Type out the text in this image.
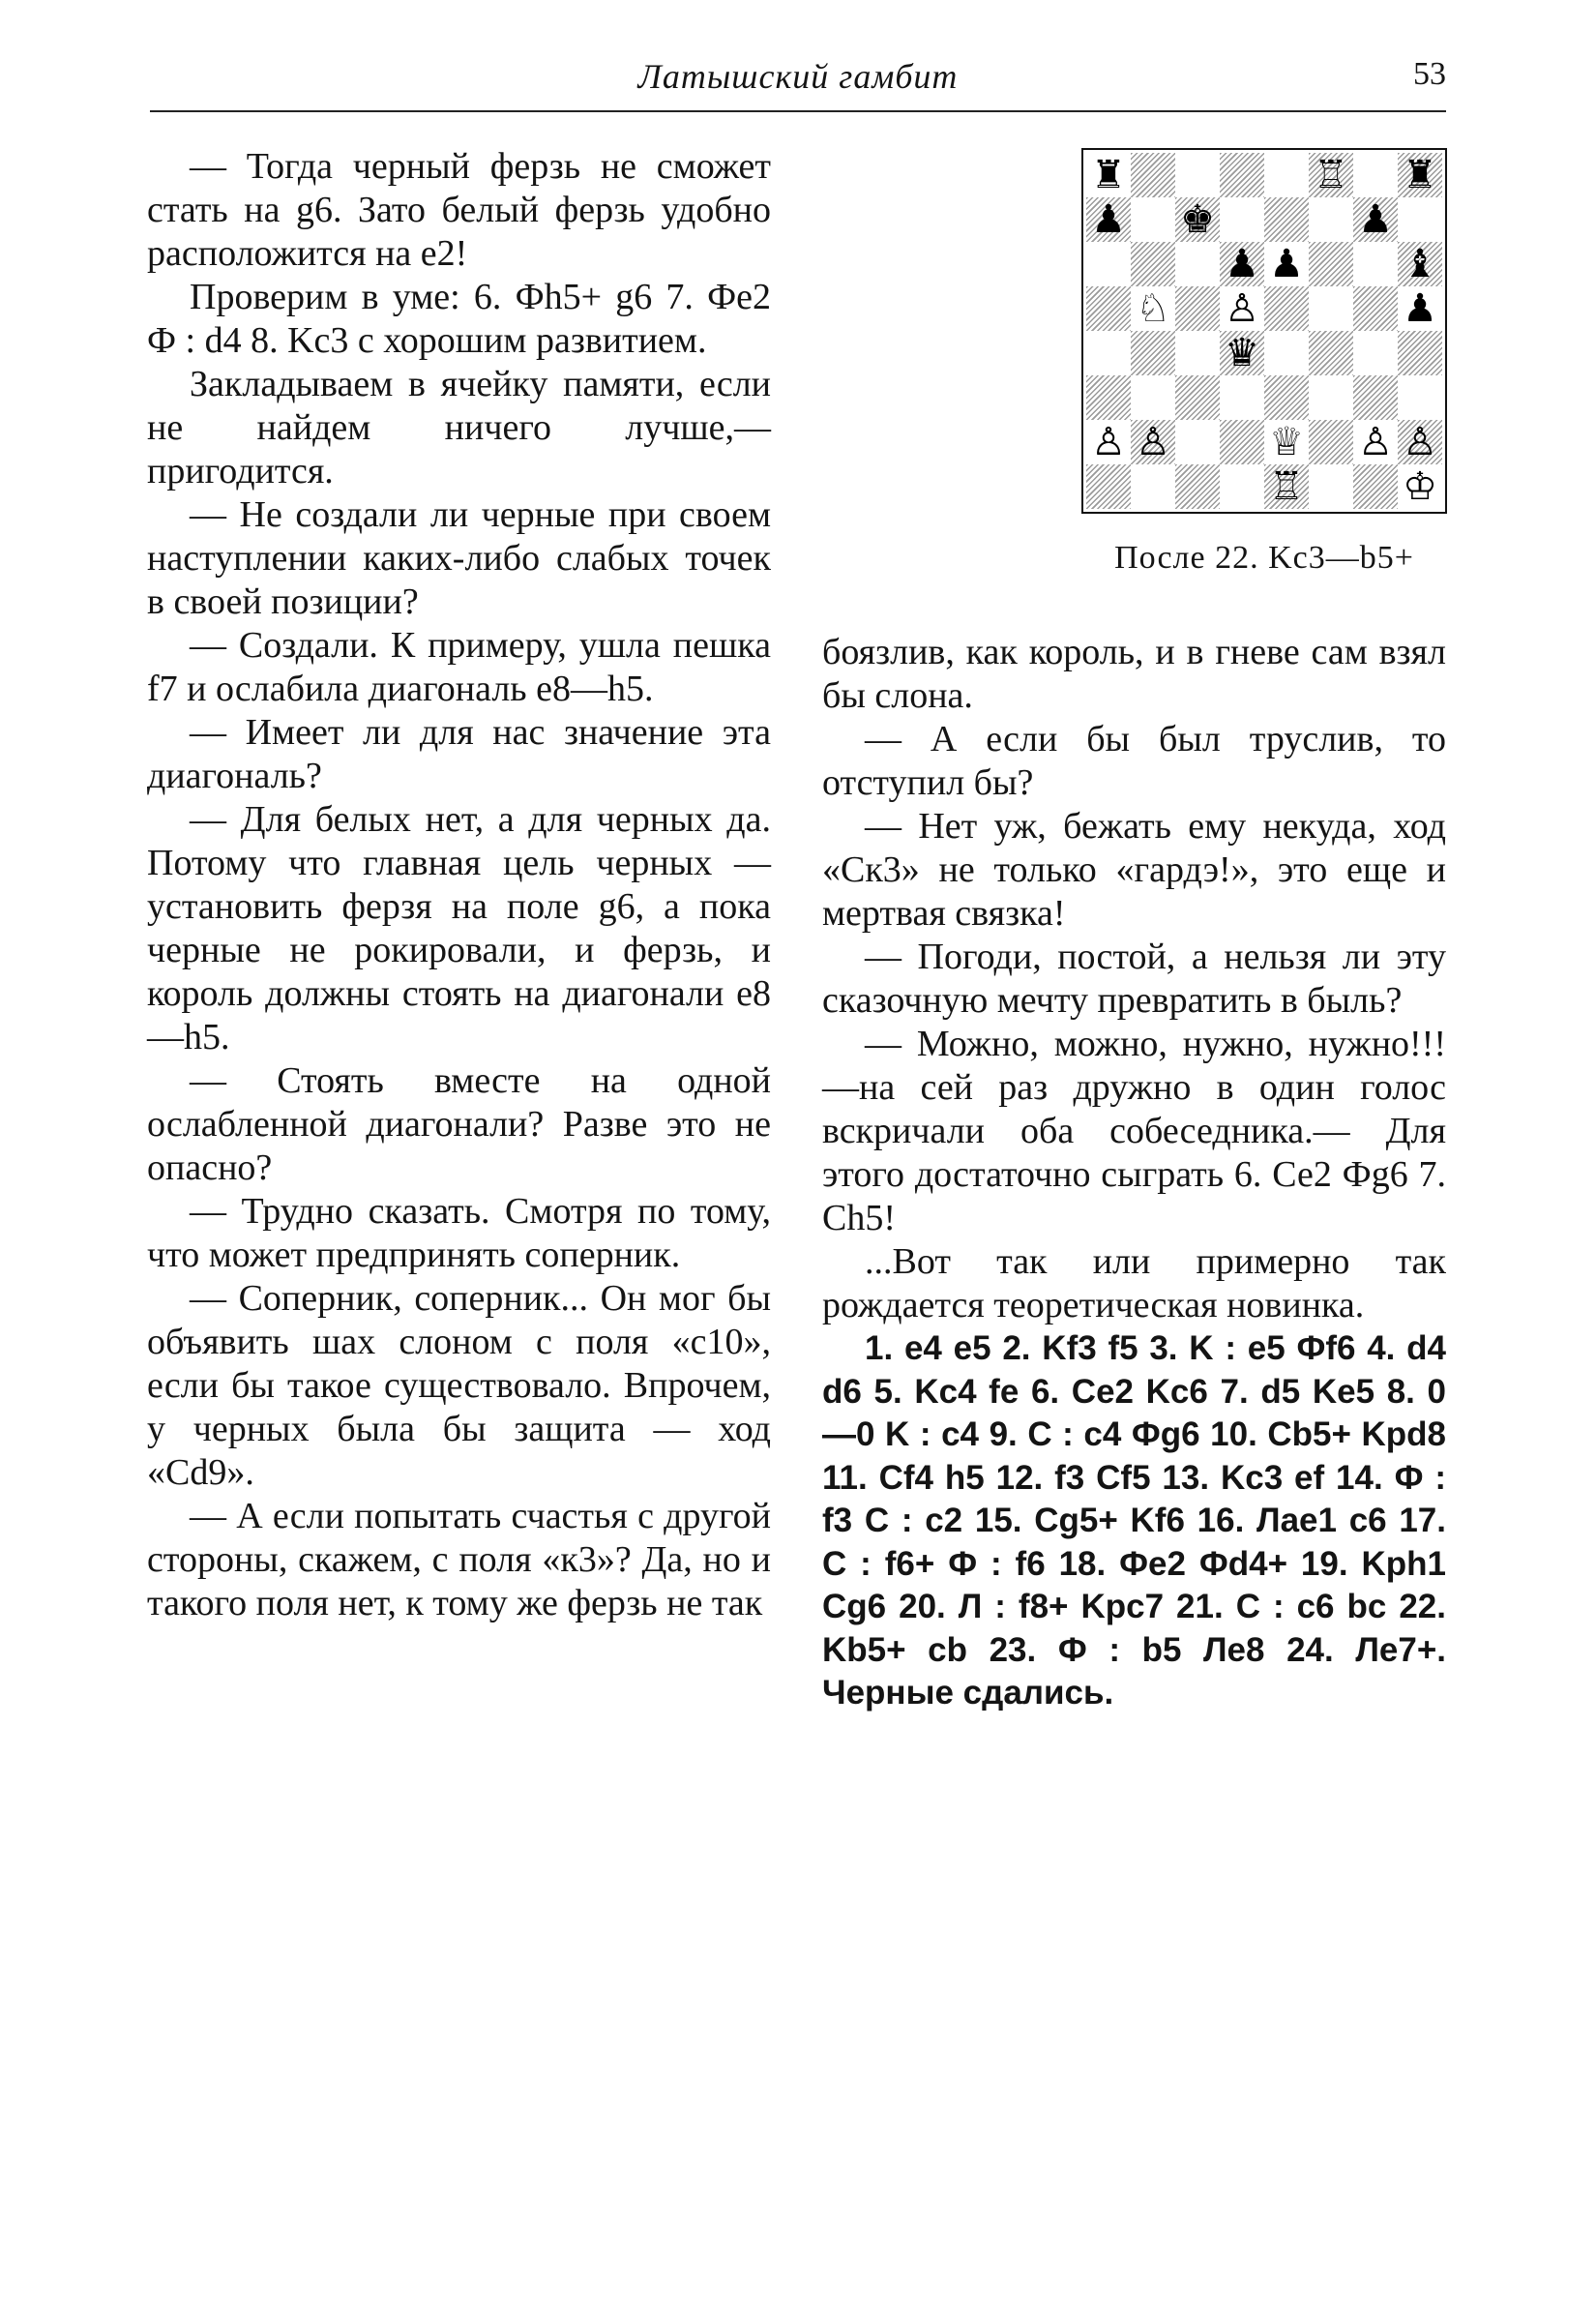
Латышский гамбит	53

— Тогда черный ферзь не сможет стать на g6. Зато белый ферзь удобно расположится на e2!

Проверим в уме: 6. Фh5+ g6 7. Фе2 Ф : d4 8. Kc3 с хорошим развитием.

Закладываем в ячейку памяти, если не найдем ничего лучше,— пригодится.

— Не создали ли черные при своем наступлении каких-либо слабых точек в своей позиции?

— Создали. К примеру, ушла пешка f7 и ослабила диагональ e8—h5.

— Имеет ли для нас значение эта диагональ?

— Для белых нет, а для черных да. Потому что главная цель черных — установить ферзя на поле g6, а пока черные не рокировали, и ферзь, и король должны стоять на диагонали e8—h5.

— Стоять вместе на одной ослабленной диагонали? Разве это не опасно?

— Трудно сказать. Смотря по тому, что может предпринять соперник.

— Соперник, соперник... Он мог бы объявить шах слоном с поля «c10», если бы такое существовало. Впрочем, у черных была бы защита — ход «Cd9».

— А если попытать счастья с другой стороны, скажем, с поля «к3»? Да, но и такого поля нет, к тому же ферзь не так

♜	♖ ♜
♟ ♚	♟
♟ ♟	♝
♘ ♙	♟
♛
♙ ♙	♕ ♙ ♙
♖	♔
После 22. Kc3—b5+

боязлив, как король, и в гневе сам взял бы слона.

— А если бы был труслив, то отступил бы?

— Нет уж, бежать ему некуда, ход «Ск3» не только «гардэ!», это еще и мертвая связка!

— Погоди, постой, а нельзя ли эту сказочную мечту превратить в быль?

— Можно, можно, нужно, нужно!!!—на сей раз дружно в один голос вскричали оба собеседника.— Для этого достаточно сыграть 6. Се2 Фg6 7. Ch5!

...Вот так или примерно так рождается теоретическая новинка.

1. e4 e5 2. Kf3 f5 3. K : e5 Фf6 4. d4 d6 5. Kc4 fe 6. Ce2 Kc6 7. d5 Ke5 8. 0—0 K : c4 9. C : c4 Фg6 10. Cb5+ Kpd8 11. Cf4 h5 12. f3 Cf5 13. Kc3 ef 14. Ф : f3 C : c2 15. Cg5+ Kf6 16. Лae1 c6 17. C : f6+ Ф : f6 18. Фe2 Фd4+ 19. Kph1 Cg6 20. Л : f8+ Kpc7 21. C : c6 bc 22. Kb5+ cb 23. Ф : b5 Лe8 24. Лe7+. Черные сдались.
